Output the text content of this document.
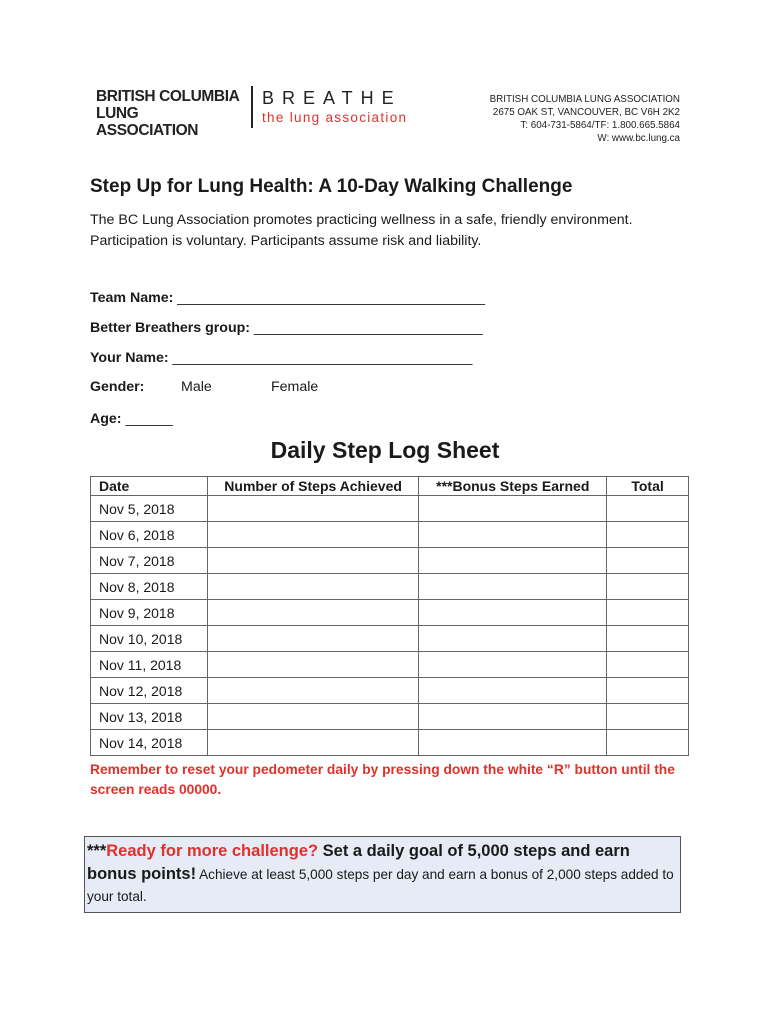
BRITISH COLUMBIA
LUNG ASSOCIATION
BREATHE
the lung association
BRITISH COLUMBIA LUNG ASSOCIATION
2675 OAK ST, VANCOUVER, BC V6H 2K2
T: 604-731-5864/TF: 1.800.665.5864
W: www.bc.lung.ca
Step Up for Lung Health: A 10-Day Walking Challenge
The BC Lung Association promotes practicing wellness in a safe, friendly environment. Participation is voluntary. Participants assume risk and liability.
Team Name: _______________________________________
Better Breathers group: _____________________________
Your Name: ______________________________________
Gender:	Male	Female
Age: ______
Daily Step Log Sheet
Date	Number of Steps Achieved	***Bonus Steps Earned	Total
Nov 5, 2018			
Nov 6, 2018			
Nov 7, 2018			
Nov 8, 2018			
Nov 9, 2018			
Nov 10, 2018			
Nov 11, 2018			
Nov 12, 2018			
Nov 13, 2018			
Nov 14, 2018			
Remember to reset your pedometer daily by pressing down the white “R” button until the screen reads 00000.
***Ready for more challenge? Set a daily goal of 5,000 steps and earn bonus points! Achieve at least 5,000 steps per day and earn a bonus of 2,000 steps added to your total.
